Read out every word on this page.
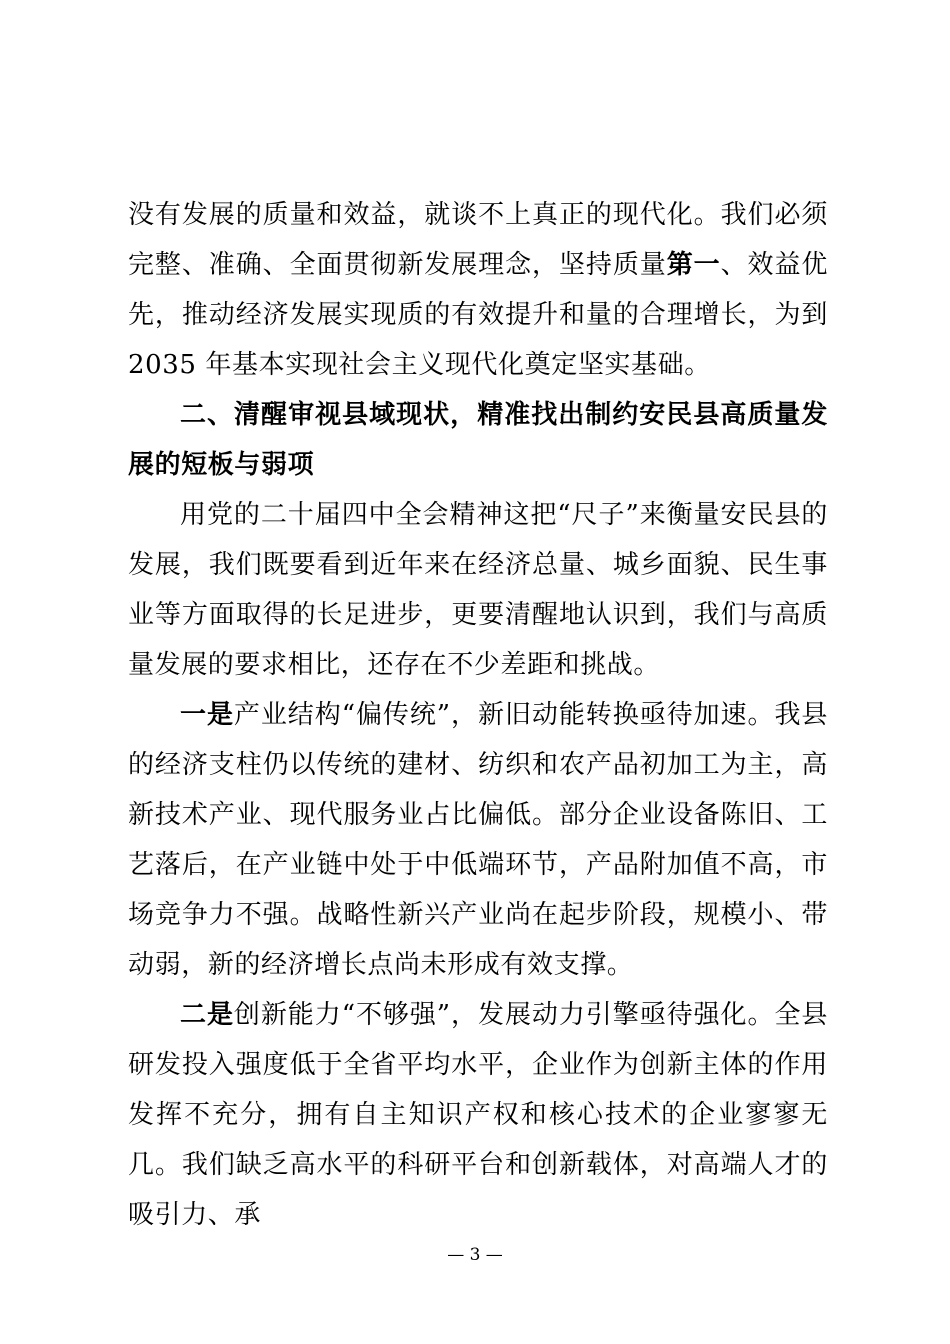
没有发展的质量和效益，就谈不上真正的现代化。我们必须完整、准确、全面贯彻新发展理念，坚持质量第一、效益优先，推动经济发展实现质的有效提升和量的合理增长，为到 2035 年基本实现社会主义现代化奠定坚实基础。

二、清醒审视县域现状，精准找出制约安民县高质量发展的短板与弱项

用党的二十届四中全会精神这把“尺子”来衡量安民县的发展，我们既要看到近年来在经济总量、城乡面貌、民生事业等方面取得的长足进步，更要清醒地认识到，我们与高质量发展的要求相比，还存在不少差距和挑战。

一是产业结构“偏传统”，新旧动能转换亟待加速。我县的经济支柱仍以传统的建材、纺织和农产品初加工为主，高新技术产业、现代服务业占比偏低。部分企业设备陈旧、工艺落后，在产业链中处于中低端环节，产品附加值不高，市场竞争力不强。战略性新兴产业尚在起步阶段，规模小、带动弱，新的经济增长点尚未形成有效支撑。

二是创新能力“不够强”，发展动力引擎亟待强化。全县研发投入强度低于全省平均水平，企业作为创新主体的作用发挥不充分，拥有自主知识产权和核心技术的企业寥寥无几。我们缺乏高水平的科研平台和创新载体，对高端人才的吸引力、承

— 3 —
